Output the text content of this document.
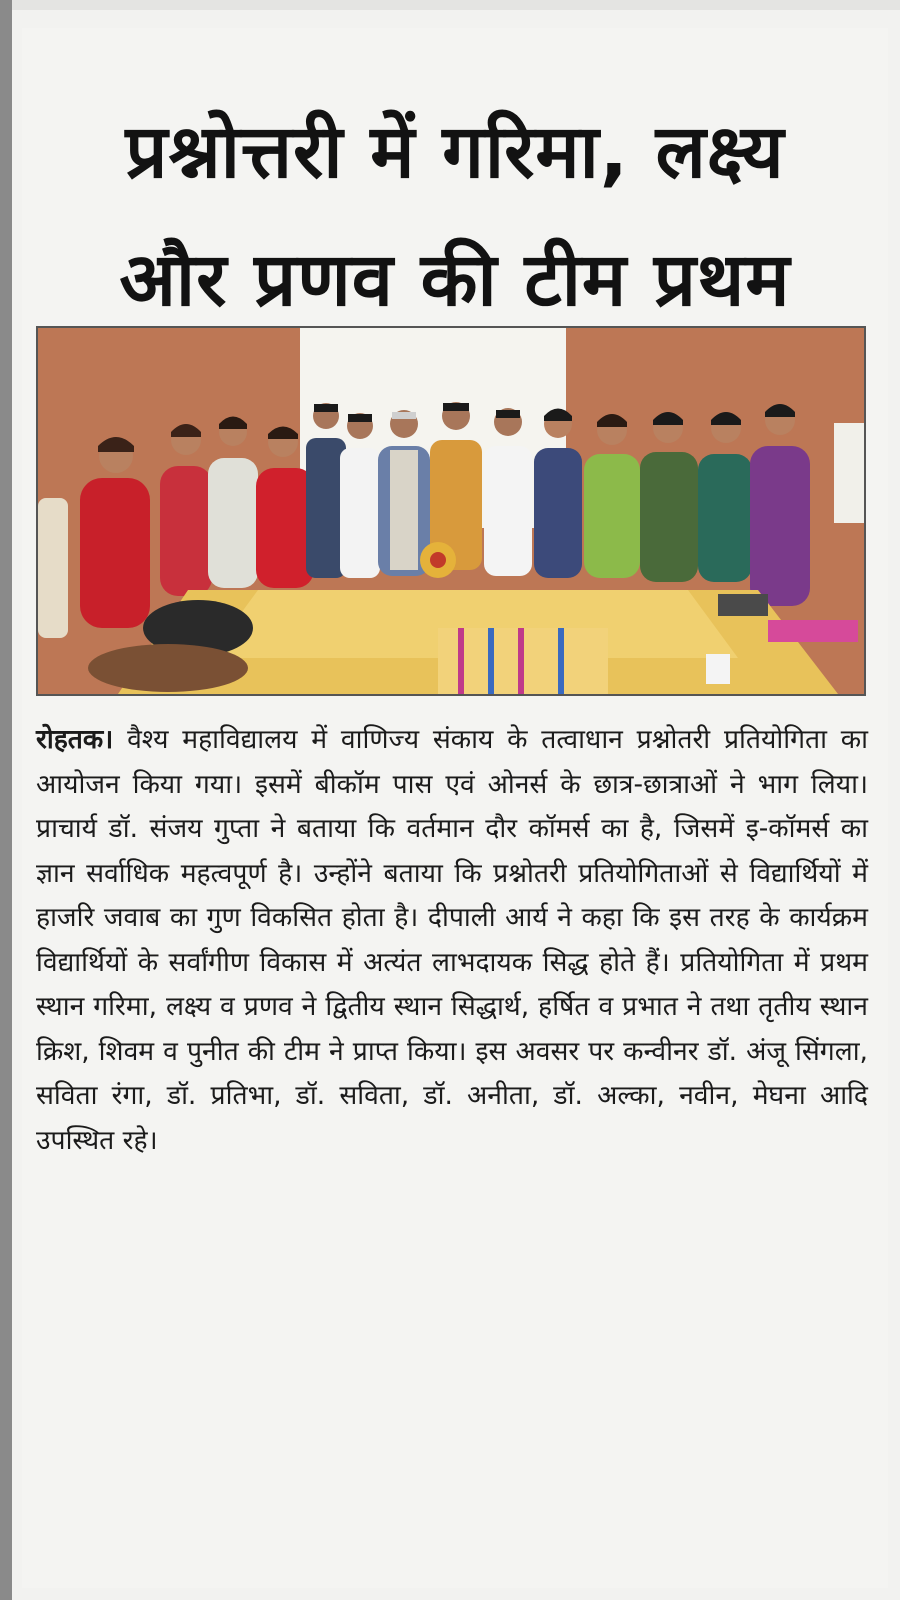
प्रश्नोत्तरी में गरिमा, लक्ष्य
और प्रणव की टीम प्रथम

रोहतक। वैश्य महाविद्यालय में वाणिज्य संकाय के तत्वाधान प्रश्नोतरी प्रतियोगिता का आयोजन किया गया। इसमें बीकॉम पास एवं ओनर्स के छात्र-छात्राओं ने भाग लिया। प्राचार्य डॉ. संजय गुप्ता ने बताया कि वर्तमान दौर कॉमर्स का है, जिसमें इ-कॉमर्स का ज्ञान सर्वाधिक महत्वपूर्ण है। उन्होंने बताया कि प्रश्नोतरी प्रतियोगिताओं से विद्यार्थियों में हाजरि जवाब का गुण विकसित होता है। दीपाली आर्य ने कहा कि इस तरह के कार्यक्रम विद्यार्थियों के सर्वांगीण विकास में अत्यंत लाभदायक सिद्ध होते हैं। प्रतियोगिता में प्रथम स्थान गरिमा, लक्ष्य व प्रणव ने द्वितीय स्थान सिद्धार्थ, हर्षित व प्रभात ने तथा तृतीय स्थान क्रिश, शिवम व पुनीत की टीम ने प्राप्त किया। इस अवसर पर कन्वीनर डॉ. अंजू सिंगला, सविता रंगा, डॉ. प्रतिभा, डॉ. सविता, डॉ. अनीता, डॉ. अल्का, नवीन, मेघना आदि उपस्थित रहे।
